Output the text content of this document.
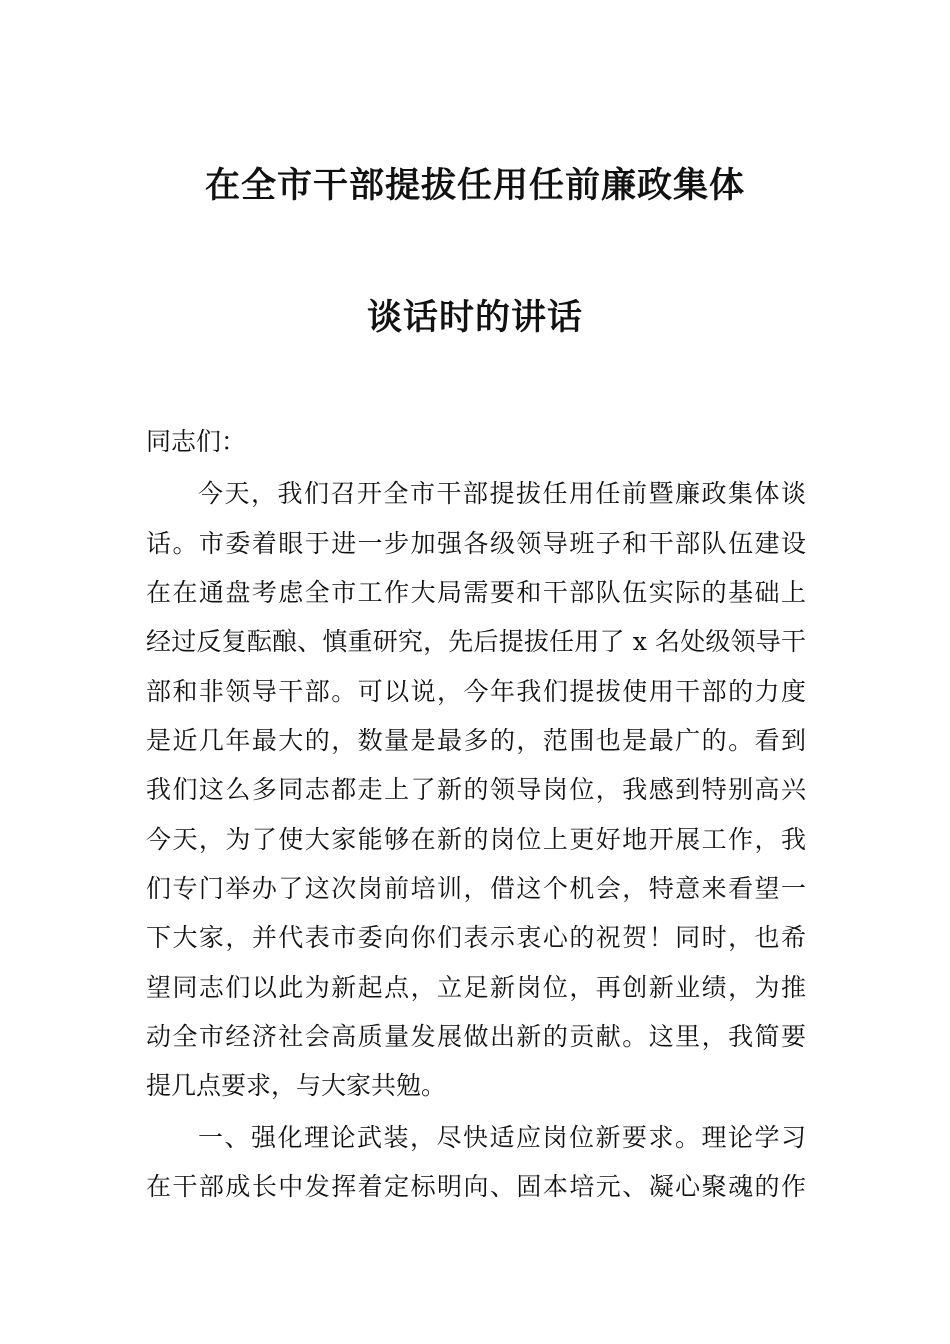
在全市干部提拔任用任前廉政集体
谈话时的讲话
同志们：
今天，我们召开全市干部提拔任用任前暨廉政集体谈
话。市委着眼于进一步加强各级领导班子和干部队伍建设
在在通盘考虑全市工作大局需要和干部队伍实际的基础上
经过反复酝酿、慎重研究，先后提拔任用了 x 名处级领导干
部和非领导干部。可以说，今年我们提拔使用干部的力度
是近几年最大的，数量是最多的，范围也是最广的。看到
我们这么多同志都走上了新的领导岗位，我感到特别高兴
今天，为了使大家能够在新的岗位上更好地开展工作，我
们专门举办了这次岗前培训，借这个机会，特意来看望一
下大家，并代表市委向你们表示衷心的祝贺！同时，也希
望同志们以此为新起点，立足新岗位，再创新业绩，为推
动全市经济社会高质量发展做出新的贡献。这里，我简要
提几点要求，与大家共勉。
一、强化理论武装，尽快适应岗位新要求。理论学习
在干部成长中发挥着定标明向、固本培元、凝心聚魂的作
